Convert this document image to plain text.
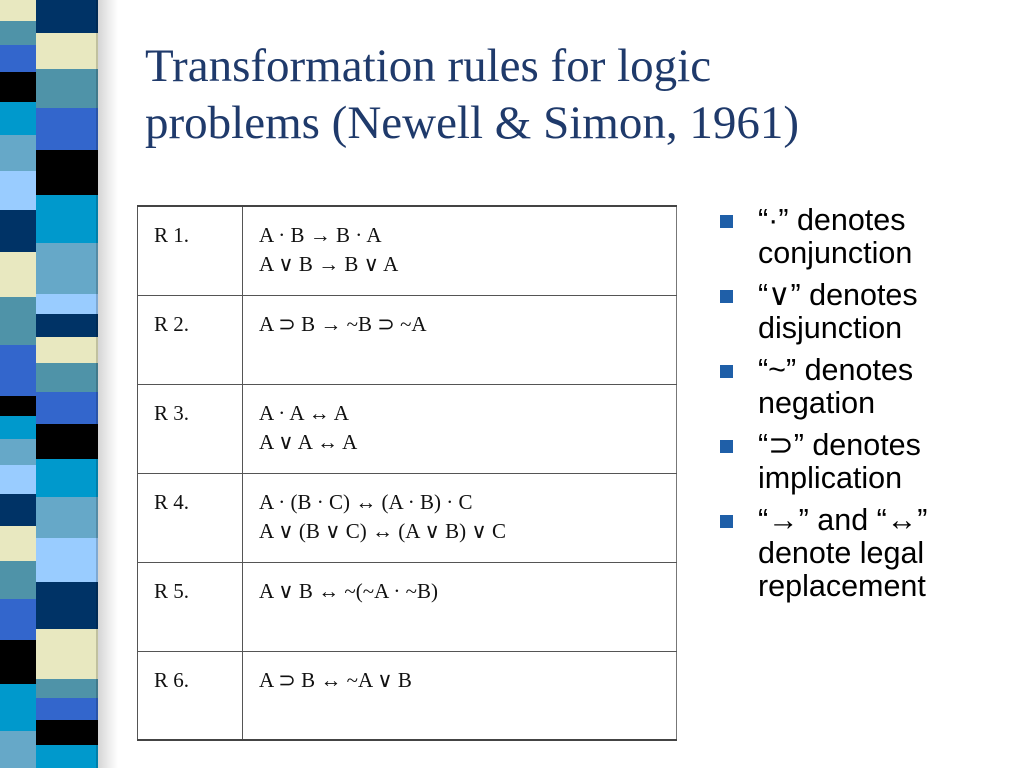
Transformation rules for logic
problems (Newell & Simon, 1961)
R 1.	A · B → B · A
A ∨ B → B ∨ A

R 2.	A ⊃ B → ~B ⊃ ~A

R 3.	A · A ↔ A
A ∨ A ↔ A

R 4.	A · (B · C) ↔ (A · B) · C
A ∨ (B ∨ C) ↔ (A ∨ B) ∨ C

R 5.	A ∨ B ↔ ~(~A · ~B)

R 6.	A ⊃ B ↔ ~A ∨ B
“·” denotes
conjunction
“∨” denotes
disjunction
“~” denotes
negation
“⊃” denotes
implication
“→” and “↔”
denote legal
replacement
